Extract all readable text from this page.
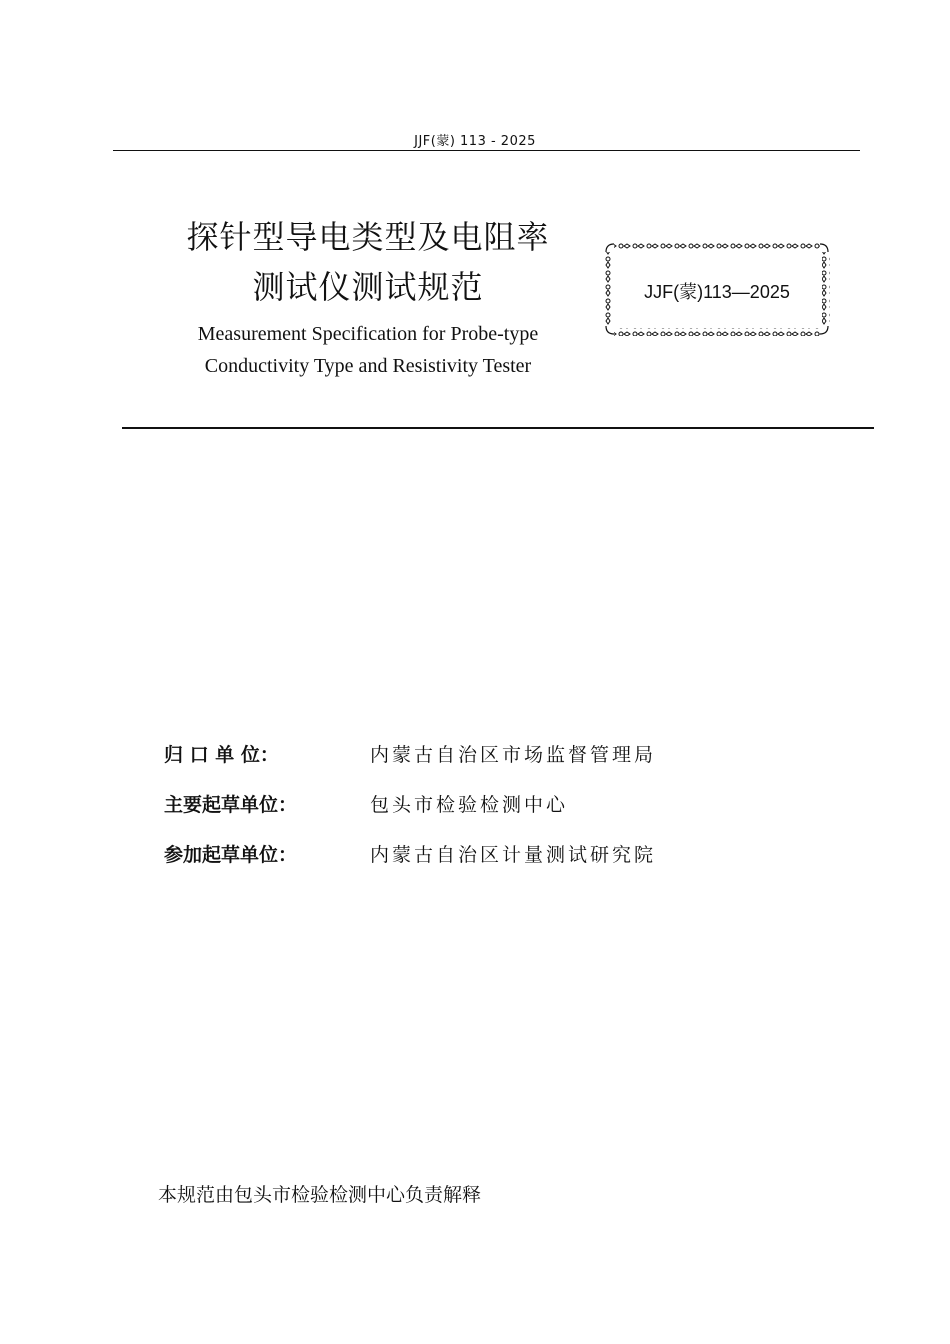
JJF(蒙) 113 - 2025

探针型导电类型及电阻率

测试仪测试规范

Measurement Specification for Probe-type
Conductivity Type and Resistivity Tester

JJF(蒙)113—2025
归 口 单 位：	内蒙古自治区市场监督管理局
主要起草单位：	包头市检验检测中心
参加起草单位：	内蒙古自治区计量测试研究院
本规范由包头市检验检测中心负责解释
